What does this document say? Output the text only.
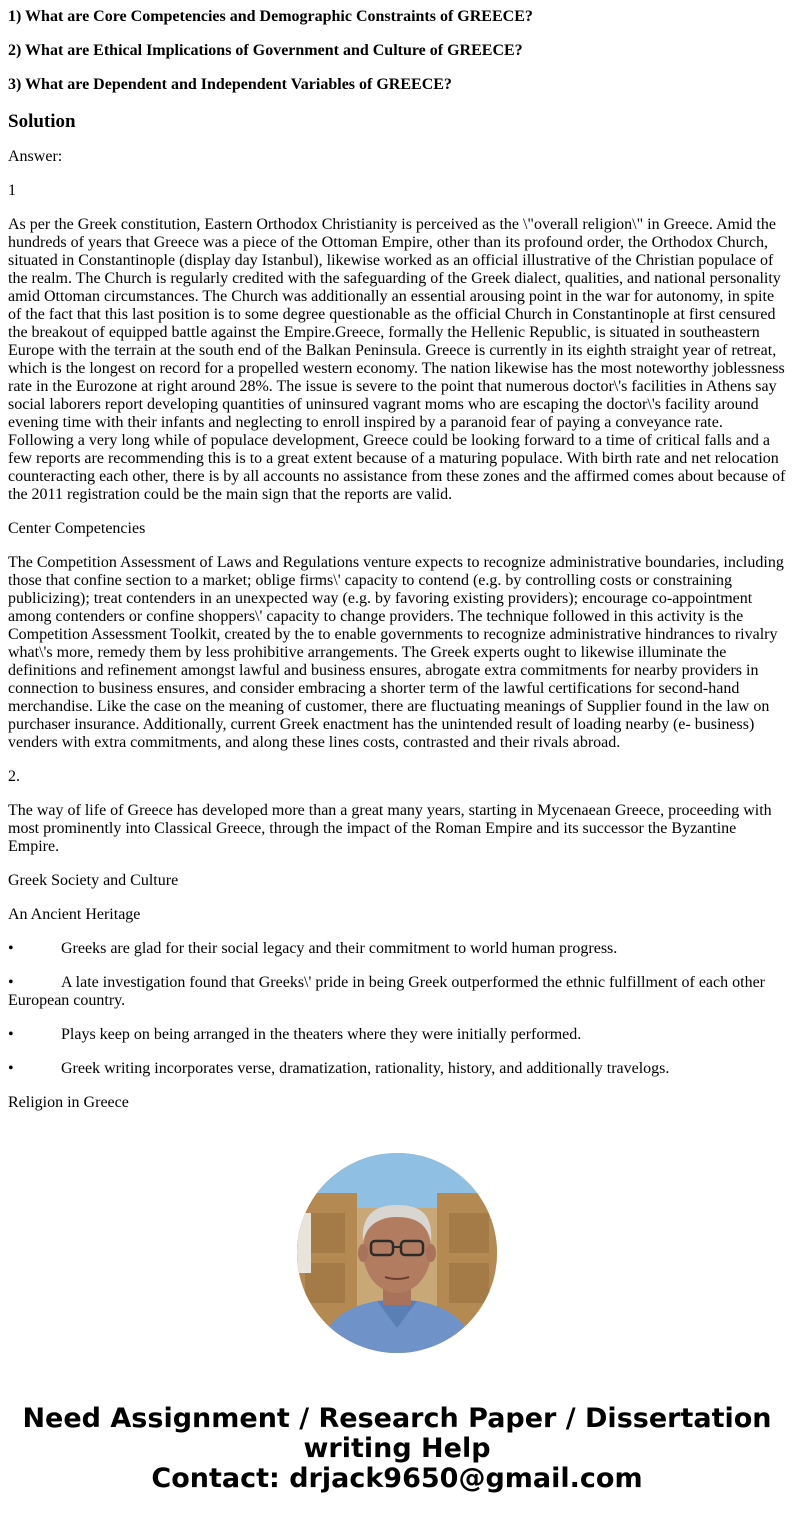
1) What are Core Competencies and Demographic Constraints of GREECE?

2) What are Ethical Implications of Government and Culture of GREECE?

3) What are Dependent and Independent Variables of GREECE?

Solution

Answer:

1

As per the Greek constitution, Eastern Orthodox Christianity is perceived as the \"overall religion\" in Greece. Amid the hundreds of years that Greece was a piece of the Ottoman Empire, other than its profound order, the Orthodox Church, situated in Constantinople (display day Istanbul), likewise worked as an official illustrative of the Christian populace of the realm. The Church is regularly credited with the safeguarding of the Greek dialect, qualities, and national personality amid Ottoman circumstances. The Church was additionally an essential arousing point in the war for autonomy, in spite of the fact that this last position is to some degree questionable as the official Church in Constantinople at first censured the breakout of equipped battle against the Empire.Greece, formally the Hellenic Republic, is situated in southeastern Europe with the terrain at the south end of the Balkan Peninsula. Greece is currently in its eighth straight year of retreat, which is the longest on record for a propelled western economy. The nation likewise has the most noteworthy joblessness rate in the Eurozone at right around 28%. The issue is severe to the point that numerous doctor\'s facilities in Athens say social laborers report developing quantities of uninsured vagrant moms who are escaping the doctor\'s facility around evening time with their infants and neglecting to enroll inspired by a paranoid fear of paying a conveyance rate. Following a very long while of populace development, Greece could be looking forward to a time of critical falls and a few reports are recommending this is to a great extent because of a maturing populace. With birth rate and net relocation counteracting each other, there is by all accounts no assistance from these zones and the affirmed comes about because of the 2011 registration could be the main sign that the reports are valid.

Center Competencies

The Competition Assessment of Laws and Regulations venture expects to recognize administrative boundaries, including those that confine section to a market; oblige firms\' capacity to contend (e.g. by controlling costs or constraining publicizing); treat contenders in an unexpected way (e.g. by favoring existing providers); encourage co-appointment among contenders or confine shoppers\' capacity to change providers. The technique followed in this activity is the Competition Assessment Toolkit, created by the to enable governments to recognize administrative hindrances to rivalry what\'s more, remedy them by less prohibitive arrangements. The Greek experts ought to likewise illuminate the definitions and refinement amongst lawful and business ensures, abrogate extra commitments for nearby providers in connection to business ensures, and consider embracing a shorter term of the lawful certifications for second-hand merchandise. Like the case on the meaning of customer, there are fluctuating meanings of Supplier found in the law on purchaser insurance. Additionally, current Greek enactment has the unintended result of loading nearby (e- business) venders with extra commitments, and along these lines costs, contrasted and their rivals abroad.

2.

The way of life of Greece has developed more than a great many years, starting in Mycenaean Greece, proceeding with most prominently into Classical Greece, through the impact of the Roman Empire and its successor the Byzantine Empire.

Greek Society and Culture

An Ancient Heritage

•	Greeks are glad for their social legacy and their commitment to world human progress.

•	A late investigation found that Greeks\' pride in being Greek outperformed the ethnic fulfillment of each other European country.

•	Plays keep on being arranged in the theaters where they were initially performed.

•	Greek writing incorporates verse, dramatization, rationality, history, and additionally travelogs.

Religion in Greece

Need Assignment / Research Paper / Dissertation
writing Help
Contact: drjack9650@gmail.com
